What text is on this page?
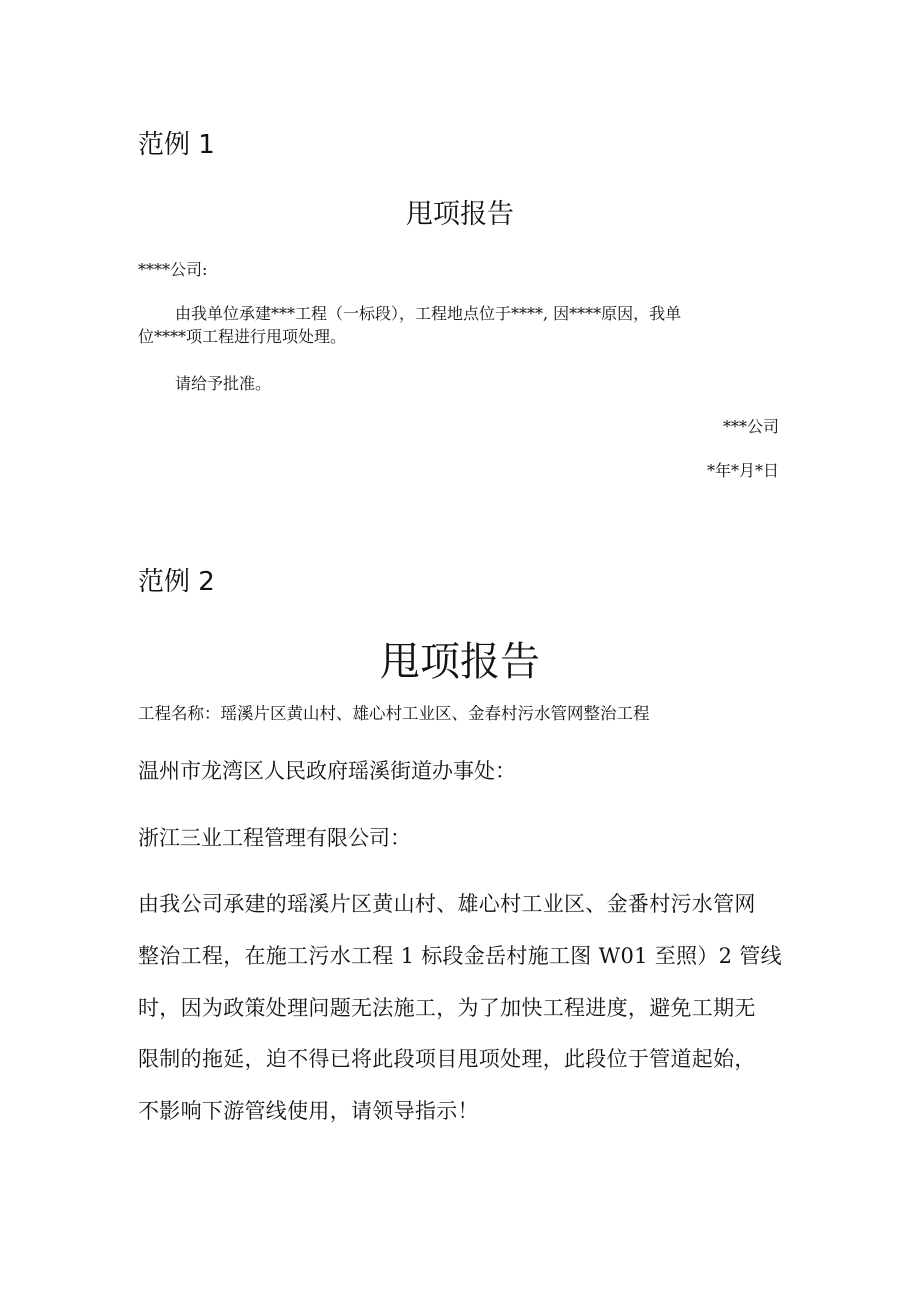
范例 1
甩项报告
****公司:
由我单位承建***工程（一标段），工程地点位于****, 因****原因，我单
位****项工程进行甩项处理。
请给予批准。
***公司
*年*月*日
范例 2
甩项报告
工程名称：瑶溪片区黄山村、雄心村工业区、金春村污水管网整治工程
温州市龙湾区人民政府瑶溪街道办事处：
浙江三业工程管理有限公司：
由我公司承建的瑶溪片区黄山村、雄心村工业区、金番村污水管网
整治工程，在施工污水工程 1 标段金岳村施工图 W01 至照）2 管线
时，因为政策处理问题无法施工，为了加快工程进度，避免工期无
限制的拖延，迫不得已将此段项目甩项处理，此段位于管道起始，
不影响下游管线使用，请领导指示！
